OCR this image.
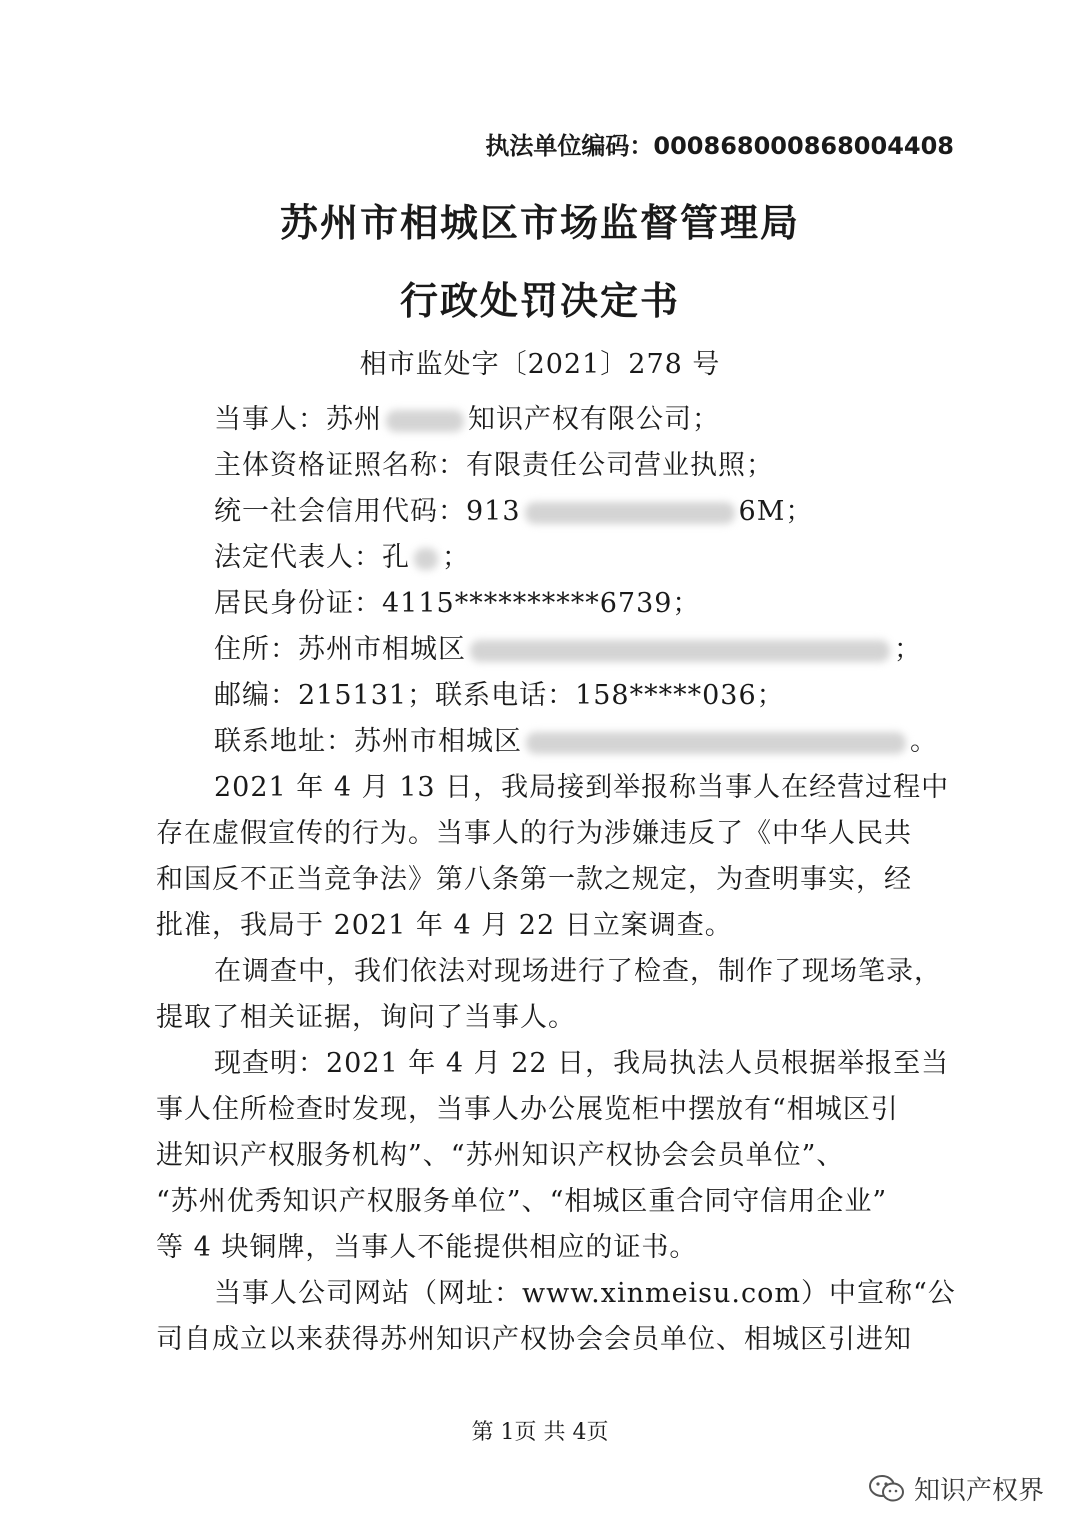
执法单位编码：000868000868004408
苏州市相城区市场监督管理局
行政处罚决定书
相市监处字〔2021〕278 号
当事人：苏州	知识产权有限公司；
主体资格证照名称：有限责任公司营业执照；
统一社会信用代码：913	6M；
法定代表人：孔 ；
居民身份证：4115**********6739；
住所：苏州市相城区	；
邮编：215131；联系电话：158*****036；
联系地址：苏州市相城区	。
2021 年 4 月 13 日，我局接到举报称当事人在经营过程中
存在虚假宣传的行为。当事人的行为涉嫌违反了《中华人民共
和国反不正当竞争法》第八条第一款之规定，为查明事实，经
批准，我局于 2021 年 4 月 22 日立案调查。
在调查中，我们依法对现场进行了检查，制作了现场笔录，
提取了相关证据，询问了当事人。
现查明：2021 年 4 月 22 日，我局执法人员根据举报至当
事人住所检查时发现，当事人办公展览柜中摆放有“相城区引
进知识产权服务机构”、“苏州知识产权协会会员单位”、
“苏州优秀知识产权服务单位”、“相城区重合同守信用企业”
等 4 块铜牌，当事人不能提供相应的证书。
当事人公司网站（网址：www.xinmeisu.com）中宣称“公
司自成立以来获得苏州知识产权协会会员单位、相城区引进知
第 1页 共 4页
知识产权界
